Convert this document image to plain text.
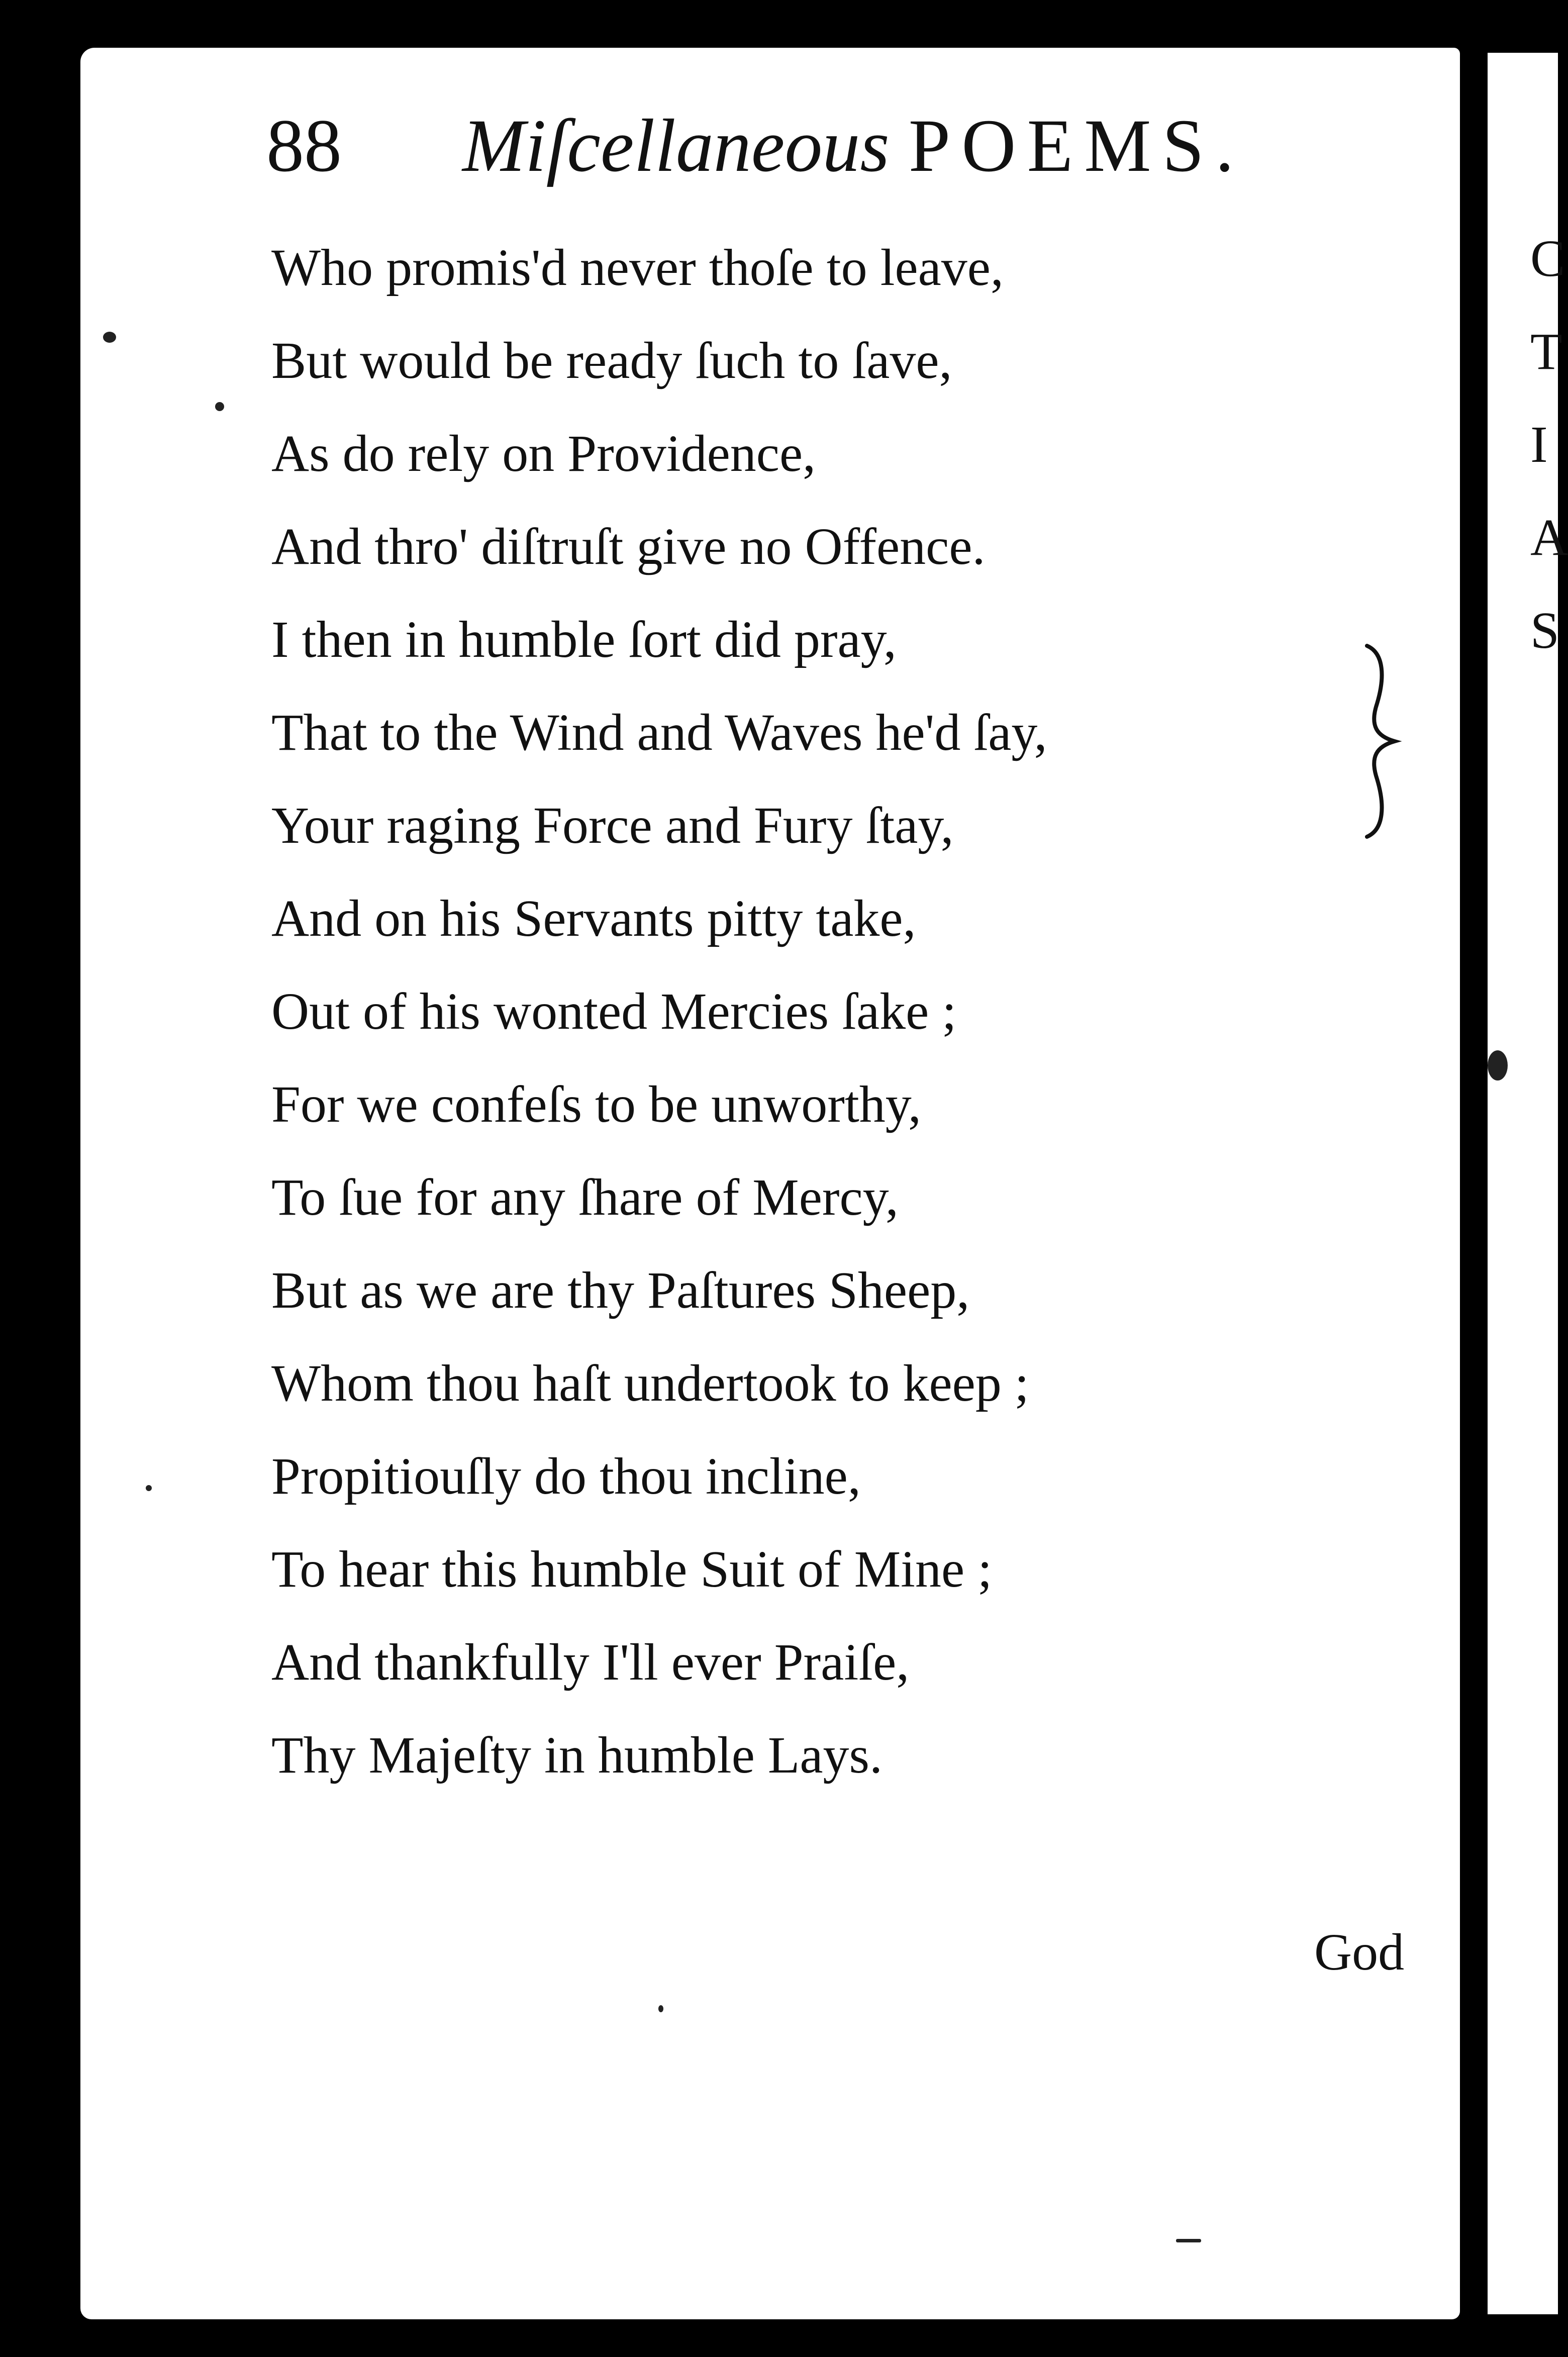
88 Miſcellaneous POEMS.
Who promis'd never thoſe to leave,
But would be ready ſuch to ſave,
As do rely on Providence,
And thro' diſtruſt give no Offence.
I then in humble ſort did pray,
That to the Wind and Waves he'd ſay,
Your raging Force and Fury ſtay,
And on his Servants pitty take,
Out of his wonted Mercies ſake ;
For we confeſs to be unworthy,
To ſue for any ſhare of Mercy,
But as we are thy Paſtures Sheep,
Whom thou haſt undertook to keep ;
Propitiouſly do thou incline,
To hear this humble Suit of Mine ;
And thankfully I'll ever Praiſe,
Thy Majeſty in humble Lays.
God
C
T
I
A
S
